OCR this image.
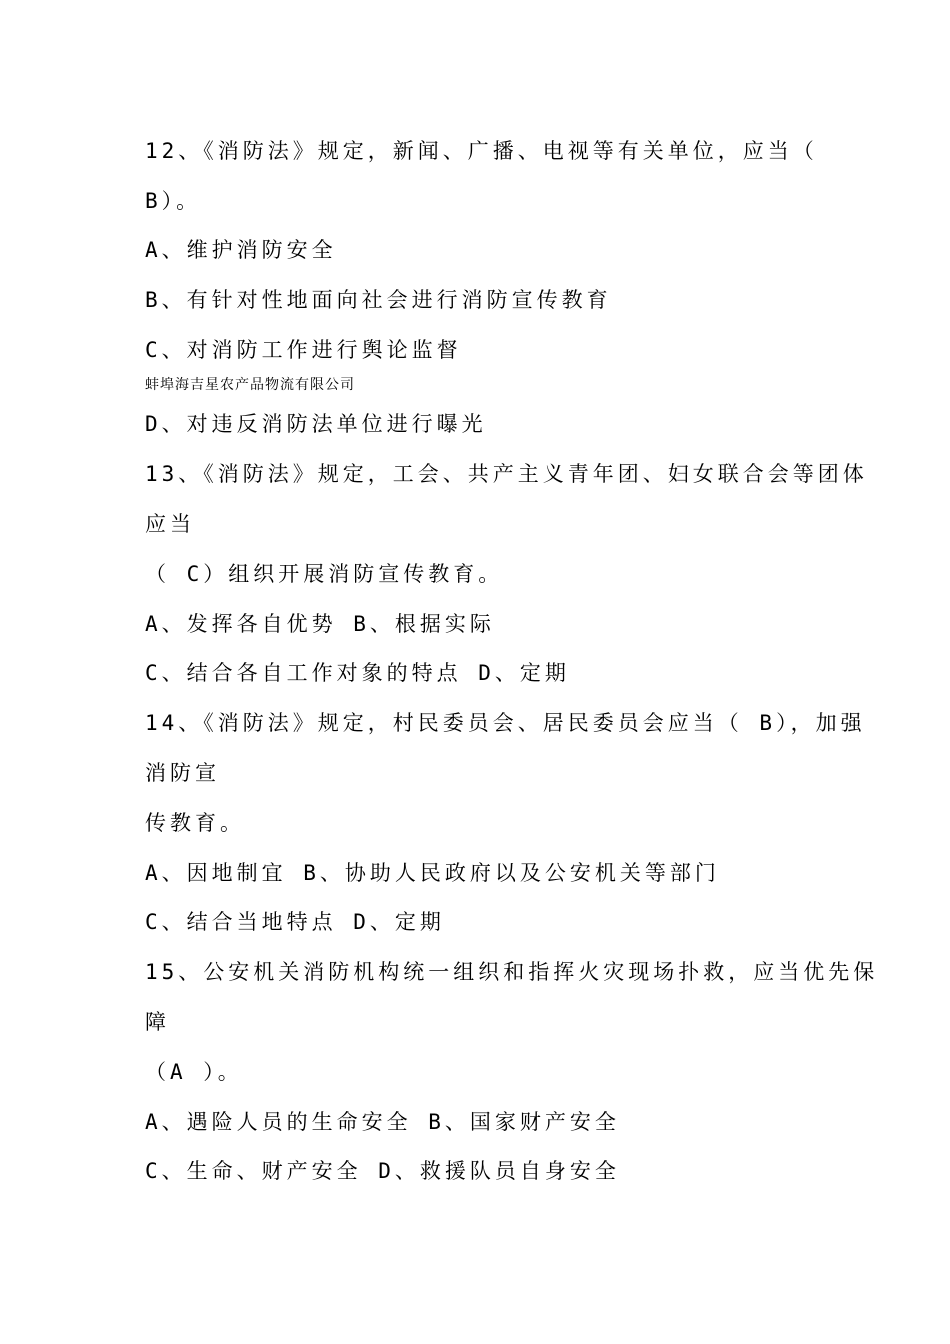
12、《消防法》规定，新闻、广播、电视等有关单位，应当（
B）。
A、维护消防安全
B、有针对性地面向社会进行消防宣传教育
C、对消防工作进行舆论监督
蚌埠海吉星农产品物流有限公司
D、对违反消防法单位进行曝光
13、《消防法》规定，工会、共产主义青年团、妇女联合会等团体
应当
（ C）组织开展消防宣传教育。
A、发挥各自优势 B、根据实际
C、结合各自工作对象的特点 D、定期
14、《消防法》规定，村民委员会、居民委员会应当（ B），加强
消防宣
传教育。
A、因地制宜 B、协助人民政府以及公安机关等部门
C、结合当地特点 D、定期
15、公安机关消防机构统一组织和指挥火灾现场扑救，应当优先保
障
（A ）。
A、遇险人员的生命安全 B、国家财产安全
C、生命、财产安全 D、救援队员自身安全
